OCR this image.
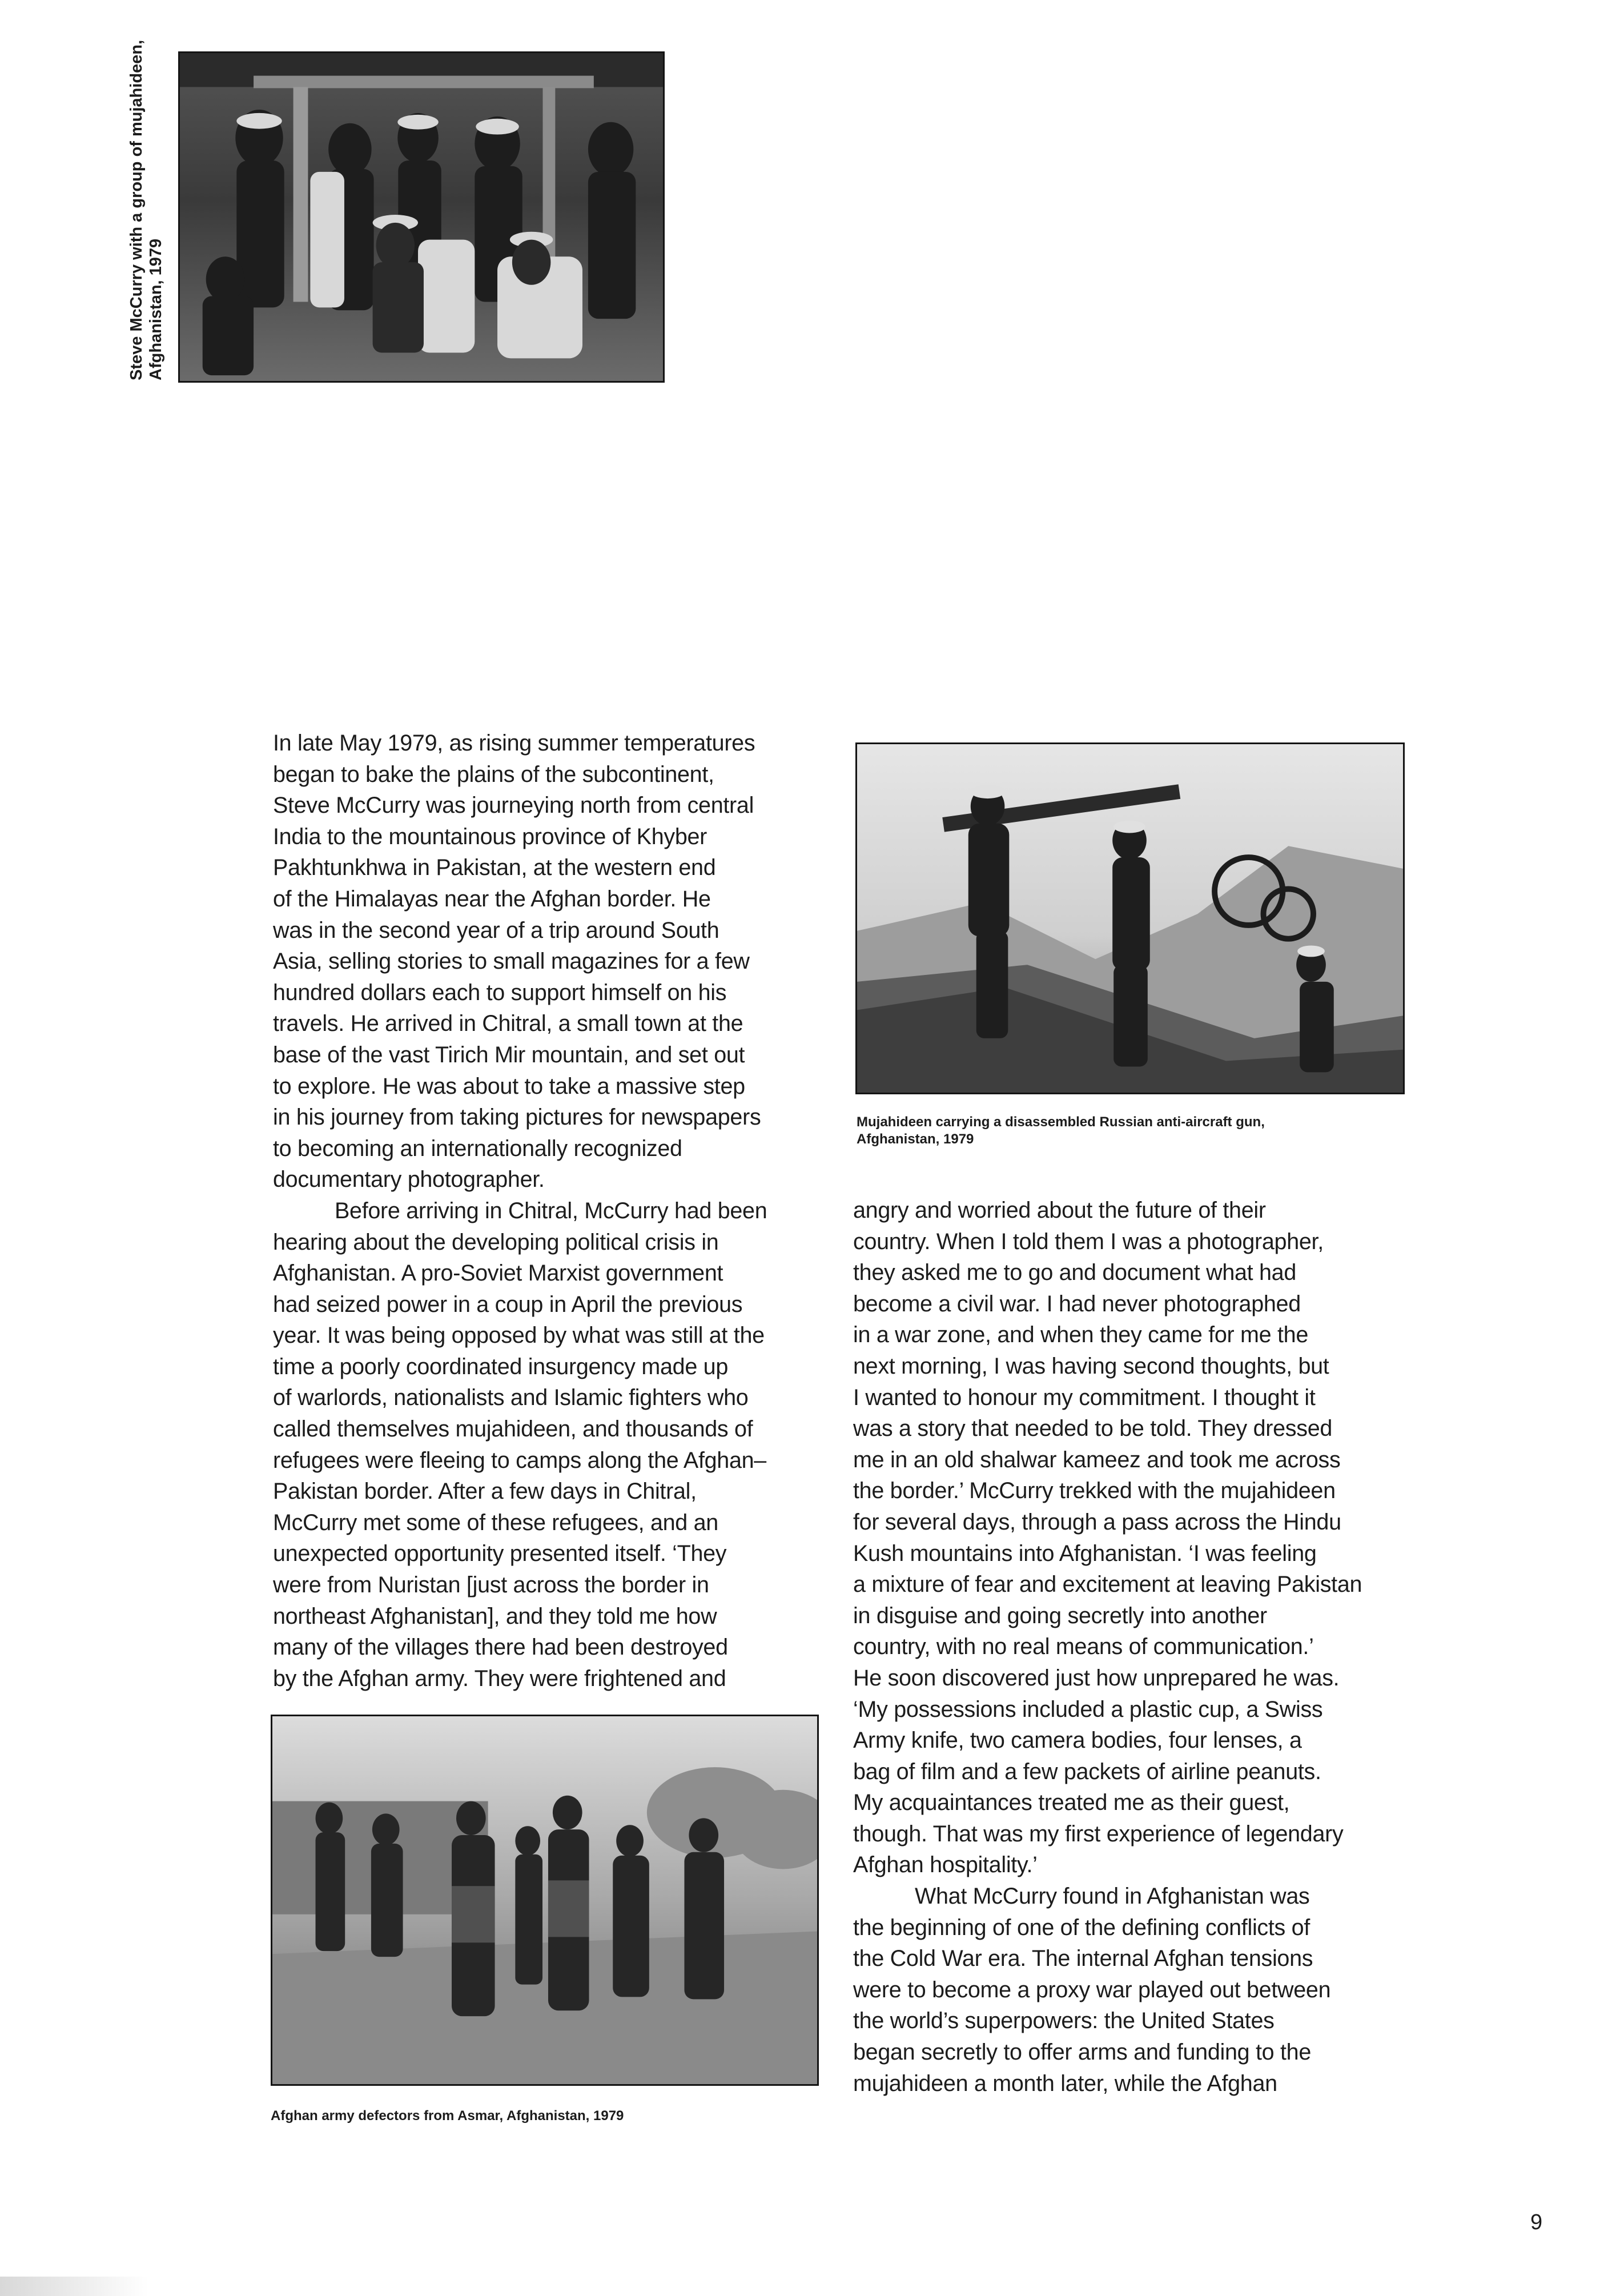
Steve McCurry with a group of mujahideen, Afghanistan, 1979
Mujahideen carrying a disassembled Russian anti-aircraft gun,
Afghanistan, 1979
Afghan army defectors from Asmar, Afghanistan, 1979
In late May 1979, as rising summer temperatures
began to bake the plains of the subcontinent,
Steve McCurry was journeying north from central
India to the mountainous province of Khyber
Pakhtunkhwa in Pakistan, at the western end
of the Himalayas near the Afghan border. He
was in the second year of a trip around South
Asia, selling stories to small magazines for a few
hundred dollars each to support himself on his
travels. He arrived in Chitral, a small town at the
base of the vast Tirich Mir mountain, and set out
to explore. He was about to take a massive step
in his journey from taking pictures for newspapers
to becoming an internationally recognized
documentary photographer.
Before arriving in Chitral, McCurry had been
hearing about the developing political crisis in
Afghanistan. A pro-Soviet Marxist government
had seized power in a coup in April the previous
year. It was being opposed by what was still at the
time a poorly coordinated insurgency made up
of warlords, nationalists and Islamic fighters who
called themselves mujahideen, and thousands of
refugees were fleeing to camps along the Afghan–
Pakistan border. After a few days in Chitral,
McCurry met some of these refugees, and an
unexpected opportunity presented itself. ‘They
were from Nuristan [just across the border in
northeast Afghanistan], and they told me how
many of the villages there had been destroyed
by the Afghan army. They were frightened and
angry and worried about the future of their
country. When I told them I was a photographer,
they asked me to go and document what had
become a civil war. I had never photographed
in a war zone, and when they came for me the
next morning, I was having second thoughts, but
I wanted to honour my commitment. I thought it
was a story that needed to be told. They dressed
me in an old shalwar kameez and took me across
the border.’ McCurry trekked with the mujahideen
for several days, through a pass across the Hindu
Kush mountains into Afghanistan. ‘I was feeling
a mixture of fear and excitement at leaving Pakistan
in disguise and going secretly into another
country, with no real means of communication.’
He soon discovered just how unprepared he was.
‘My possessions included a plastic cup, a Swiss
Army knife, two camera bodies, four lenses, a
bag of film and a few packets of airline peanuts.
My acquaintances treated me as their guest,
though. That was my first experience of legendary
Afghan hospitality.’
What McCurry found in Afghanistan was
the beginning of one of the defining conflicts of
the Cold War era. The internal Afghan tensions
were to become a proxy war played out between
the world’s superpowers: the United States
began secretly to offer arms and funding to the
mujahideen a month later, while the Afghan
9
